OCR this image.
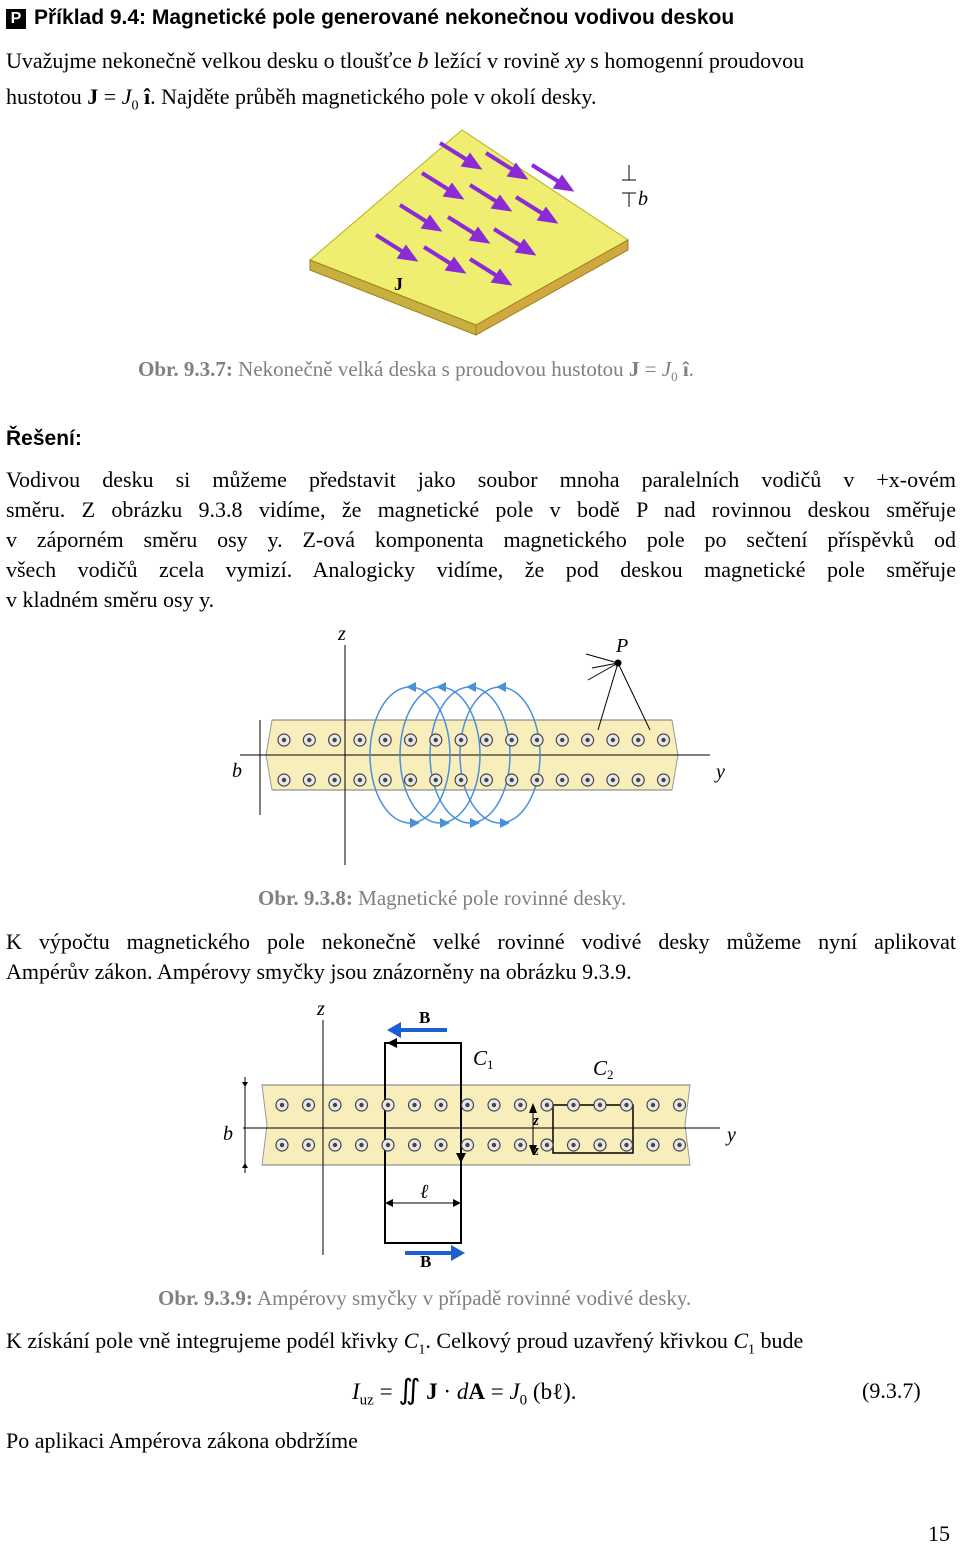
P Příklad 9.4: Magnetické pole generované nekonečnou vodivou deskou
Uvažujme nekonečně velkou desku o tloušťce b ležící v rovině xy s homogenní proudovou
hustotou $J = J_0$ î. Najděte průběh magnetického pole v okolí desky.
b
J
Obr. 9.3.7: Nekonečně velká deska s proudovou hustotou $J = J_0$ î.
Řešení:
Vodivou desku si můžeme představit jako soubor mnoha paralelních vodičů v +x-ovém
směru. Z obrázku 9.3.8 vidíme, že magnetické pole v bodě P nad rovinnou deskou směřuje
v záporném směru osy y. Z-ová komponenta magnetického pole po sečtení příspěvků od
všech vodičů zcela vymizí. Analogicky vidíme, že pod deskou magnetické pole směřuje
v kladném směru osy y.
z
y
b
P
Obr. 9.3.8: Magnetické pole rovinné desky.
K výpočtu magnetického pole nekonečně velké rovinné vodivé desky můžeme nyní aplikovat
Ampérův zákon. Ampérovy smyčky jsou znázorněny na obrázku 9.3.9.
z
y
b
B
B
ℓ
C1	C2
z
z
Obr. 9.3.9: Ampérovy smyčky v případě rovinné vodivé desky.
K získání pole vně integrujeme podél křivky $C_1$. Celkový proud uzavřený křivkou $C_1$ bude
$I_{uz}$ = ∬ J · dA = $J_0$ (bℓ).	(9.3.7)
Po aplikaci Ampérova zákona obdržíme
15
